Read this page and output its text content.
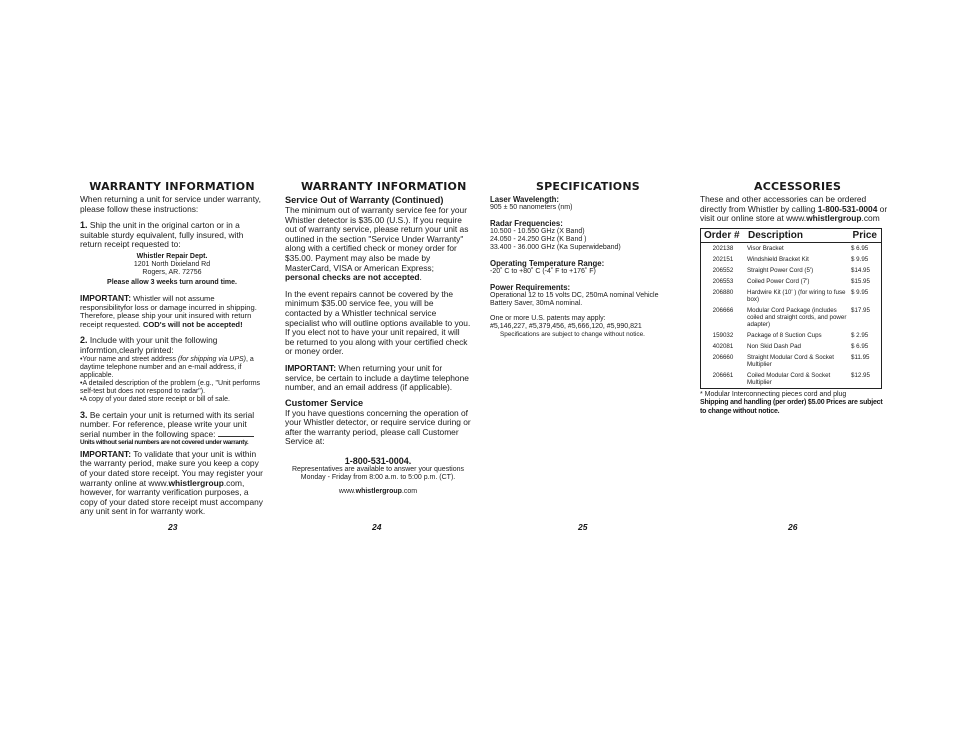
WARRANTY INFORMATION

When returning a unit for service under warranty, please follow these instructions:

1. Ship the unit in the original carton or in a suitable sturdy equivalent, fully insured, with return receipt requested to:

Whistler Repair Dept.

1201 North Dixieland Rd

Rogers, AR. 72756

Please allow 3 weeks turn around time.

IMPORTANT: Whistler will not assume responsibilityfor loss or damage incurred in shipping. Therefore, please ship your unit insured with return receipt requested. COD's will not be accepted!

2. Include with your unit the following informtion,clearly printed:

•Your name and street address (for shipping via UPS), a daytime telephone number and an e-mail address, if applicable.

•A detailed description of the problem (e.g., "Unit performs self-test but does not respond to radar").

•A copy of your dated store receipt or bill of sale.

3. Be certain your unit is returned with its serial number. For reference, please write your unit serial number in the following space:

Units without serial numbers are not covered under warranty.

IMPORTANT: To validate that your unit is within the warranty period, make sure you keep a copy of your dated store receipt. You may register your warranty online at www.whistlergroup.com, however, for warranty verification purposes, a copy of your dated store receipt must accompany any unit sent in for warranty work.

23
WARRANTY INFORMATION

Service Out of Warranty (Continued)

The minimum out of warranty service fee for your Whistler detector is $35.00 (U.S.). If you require out of warranty service, please return your unit as outlined in the section "Service Under Warranty" along with a certified check or money order for $35.00. Payment may also be made by MasterCard, VISA or American Express; personal checks are not accepted.

In the event repairs cannot be covered by the minimum $35.00 service fee, you will be contacted by a Whistler technical service specialist who will outline options available to you. If you elect not to have your unit repaired, it will be returned to you along with your certified check or money order.

IMPORTANT: When returning your unit for service, be certain to include a daytime telephone number, and an email address (if applicable).

Customer Service

If you have questions concerning the operation of your Whistler detector, or require service during or after the warranty period, please call Customer Service at:

1-800-531-0004.

Representatives are available to answer your questions

Monday - Friday from 8:00 a.m. to 5:00 p.m. (CT).

www.whistlergroup.com

24
SPECIFICATIONS

Laser Wavelength:

905 ± 50 nanometers (nm)

Radar Frequencies:

10.500 - 10.550 GHz (X Band)

24.050 - 24.250 GHz (K Band )

33.400 - 36.000 GHz (Ka Superwideband)

Operating Temperature Range:

-20˚ C to +80˚ C (-4˚ F to +176˚ F)

Power Requirements:

Operational 12 to 15 volts DC, 250mA nominal Vehicle Battery Saver, 30mA nominal.

One or more U.S. patents may apply:

#5,146,227, #5,379,456, #5,666,120, #5,990,821

Specifications are subject to change without notice.

25
ACCESSORIES

These and other accessories can be ordered directly from Whistler by calling 1-800-531-0004 or visit our online store at www.whistlergroup.com

Order #	Description	Price
202138	Visor Bracket	$ 6.95
202151	Windshield Bracket Kit	$ 9.95
206552	Straight Power Cord (5')	$14.95
206553	Coiled Power Cord (7')	$15.95
206880	Hardwire Kit (10' ) (for wiring to fuse box)	$ 9.95
206666	Modular Cord Package (includes coiled and straight cords, and power adapter)	$17.95
159032	Package of 8 Suction Cups	$ 2.95
402081	Non Skid Dash Pad	$ 6.95
206660	Straight Modular Cord & Socket Multiplier	$11.95
206661	Coiled Modular Cord & Socket Multiplier	$12.95

* Modular Interconnecting pieces cord and plug

Shipping and handling (per order) $5.00 Prices are subject to change without notice.

26
